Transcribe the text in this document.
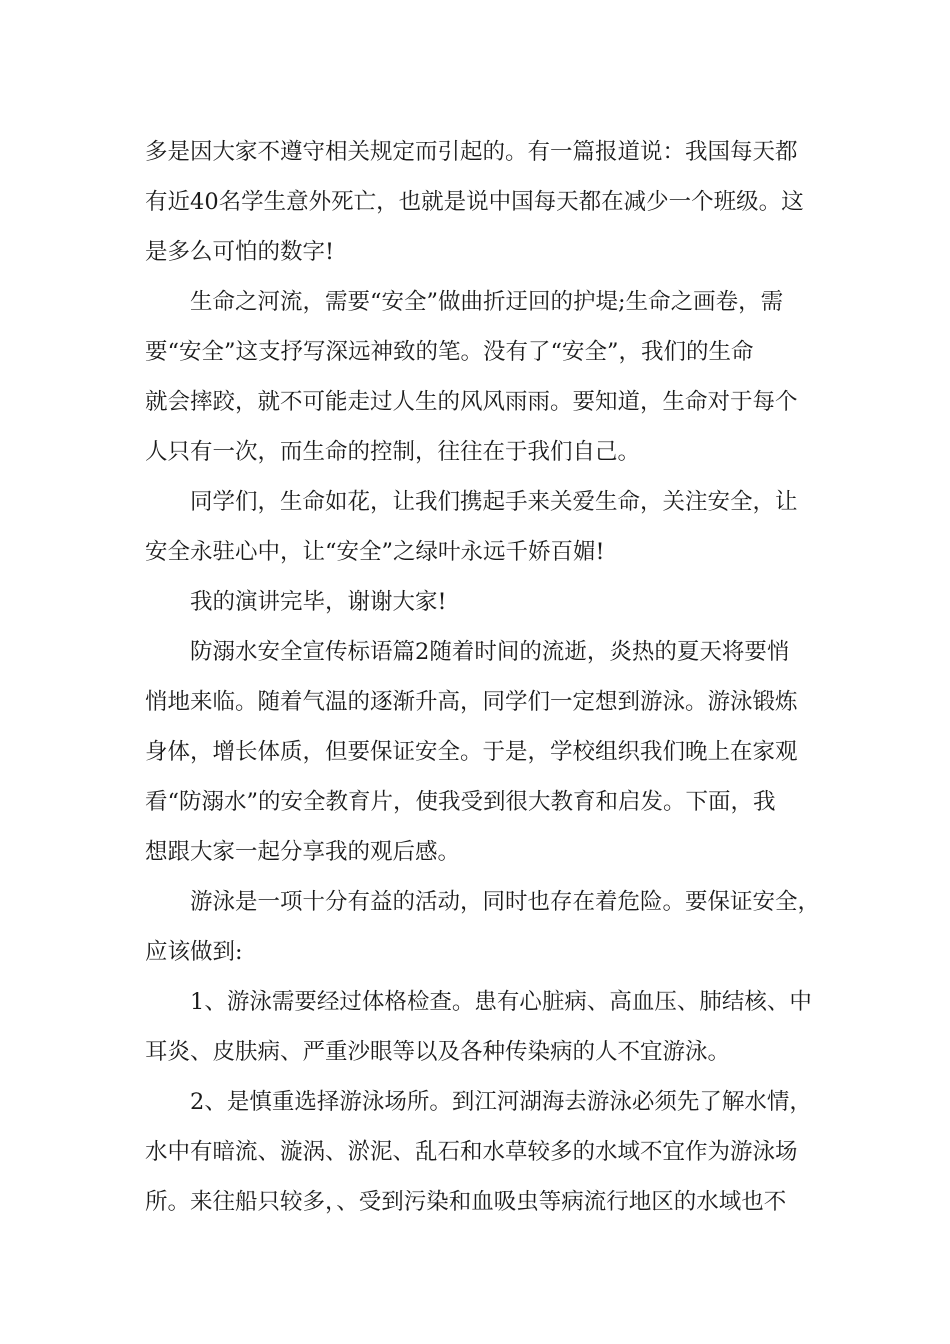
多是因大家不遵守相关规定而引起的。有一篇报道说：我国每天都
有近40名学生意外死亡，也就是说中国每天都在减少一个班级。这
是多么可怕的数字!
生命之河流，需要“安全”做曲折迂回的护堤;生命之画卷，需
要“安全”这支抒写深远神致的笔。没有了“安全”，我们的生命
就会摔跤，就不可能走过人生的风风雨雨。要知道，生命对于每个
人只有一次，而生命的控制，往往在于我们自己。
同学们，生命如花，让我们携起手来关爱生命，关注安全，让
安全永驻心中，让“安全”之绿叶永远千娇百媚!
我的演讲完毕，谢谢大家!
防溺水安全宣传标语篇2随着时间的流逝，炎热的夏天将要悄
悄地来临。随着气温的逐渐升高，同学们一定想到游泳。游泳锻炼
身体，增长体质，但要保证安全。于是，学校组织我们晚上在家观
看“防溺水”的安全教育片，使我受到很大教育和启发。下面，我
想跟大家一起分享我的观后感。
游泳是一项十分有益的活动，同时也存在着危险。要保证安全，
应该做到:
1、游泳需要经过体格检查。患有心脏病、高血压、肺结核、中
耳炎、皮肤病、严重沙眼等以及各种传染病的人不宜游泳。
2、是慎重选择游泳场所。到江河湖海去游泳必须先了解水情，
水中有暗流、漩涡、淤泥、乱石和水草较多的水域不宜作为游泳场
所。来往船只较多，、受到污染和血吸虫等病流行地区的水域也不
